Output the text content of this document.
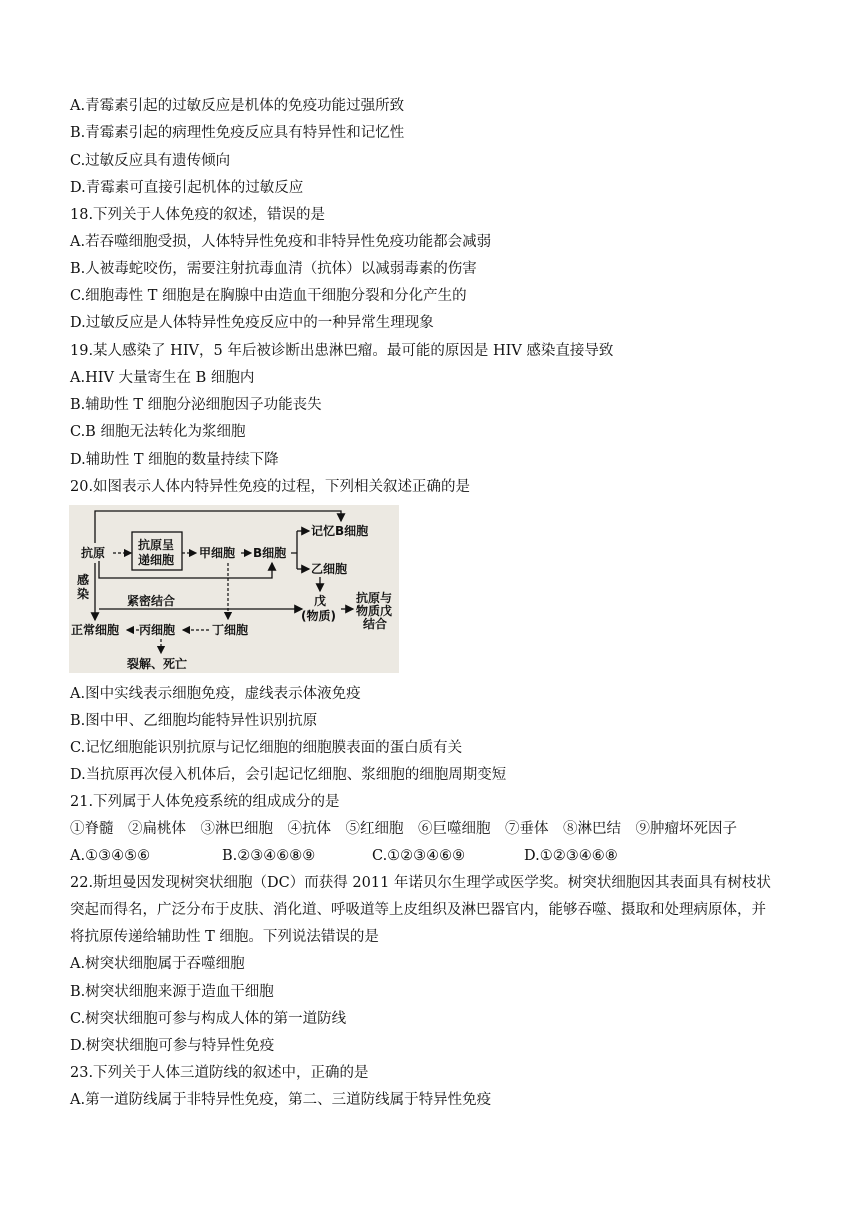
A.青霉素引起的过敏反应是机体的免疫功能过强所致
B.青霉素引起的病理性免疫反应具有特异性和记忆性
C.过敏反应具有遗传倾向
D.青霉素可直接引起机体的过敏反应
18.下列关于人体免疫的叙述，错误的是
A.若吞噬细胞受损，人体特异性免疫和非特异性免疫功能都会减弱
B.人被毒蛇咬伤，需要注射抗毒血清（抗体）以减弱毒素的伤害
C.细胞毒性 T 细胞是在胸腺中由造血干细胞分裂和分化产生的
D.过敏反应是人体特异性免疫反应中的一种异常生理现象
19.某人感染了 HIV，5 年后被诊断出患淋巴瘤。最可能的原因是 HIV 感染直接导致
A.HIV 大量寄生在 B 细胞内
B.辅助性 T 细胞分泌细胞因子功能丧失
C.B 细胞无法转化为浆细胞
D.辅助性 T 细胞的数量持续下降
20.如图表示人体内特异性免疫的过程，下列相关叙述正确的是
抗原
抗原呈
递细胞 甲细胞 B细胞
记忆B细胞
乙细胞
戊
(物质)
抗原与
物质戊
结合
感
染	紧密结合
正常细胞 丙细胞	丁细胞
裂解、死亡
A.图中实线表示细胞免疫，虚线表示体液免疫
B.图中甲、乙细胞均能特异性识别抗原
C.记忆细胞能识别抗原与记忆细胞的细胞膜表面的蛋白质有关
D.当抗原再次侵入机体后，会引起记忆细胞、浆细胞的细胞周期变短
21.下列属于人体免疫系统的组成成分的是
①脊髓　②扁桃体　③淋巴细胞　④抗体　⑤红细胞　⑥巨噬细胞　⑦垂体　⑧淋巴结　⑨肿瘤坏死因子
A.①③④⑤⑥	B.②③④⑥⑧⑨	C.①②③④⑥⑨	D.①②③④⑥⑧
22.斯坦曼因发现树突状细胞（DC）而获得 2011 年诺贝尔生理学或医学奖。树突状细胞因其表面具有树枝状
突起而得名，广泛分布于皮肤、消化道、呼吸道等上皮组织及淋巴器官内，能够吞噬、摄取和处理病原体，并
将抗原传递给辅助性 T 细胞。下列说法错误的是
A.树突状细胞属于吞噬细胞
B.树突状细胞来源于造血干细胞
C.树突状细胞可参与构成人体的第一道防线
D.树突状细胞可参与特异性免疫
23.下列关于人体三道防线的叙述中，正确的是
A.第一道防线属于非特异性免疫，第二、三道防线属于特异性免疫
